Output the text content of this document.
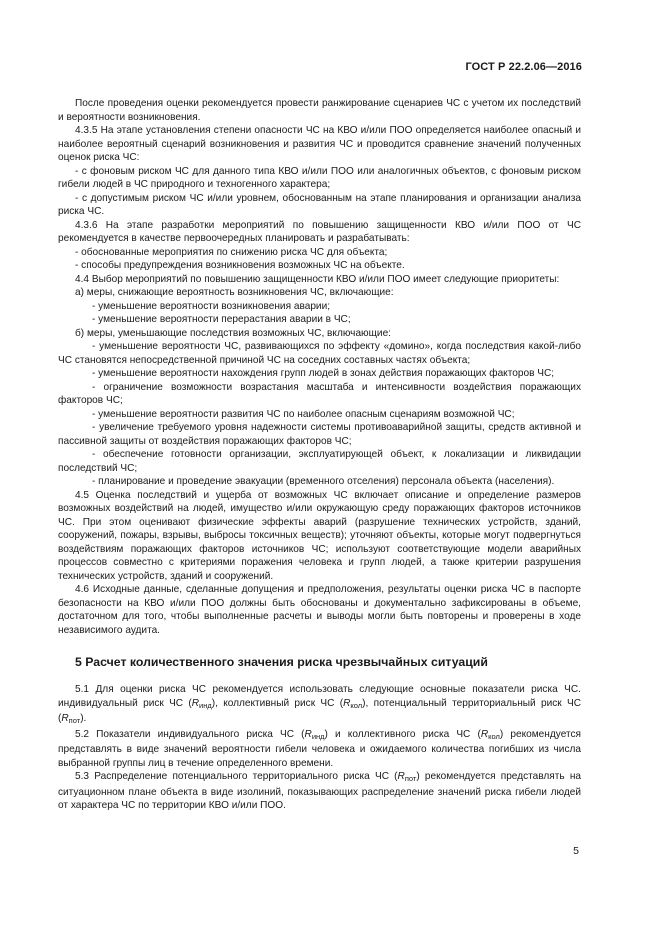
ГОСТ Р 22.2.06—2016

После проведения оценки рекомендуется провести ранжирование сценариев ЧС с учетом их последствий и вероятности возникновения.

4.3.5 На этапе установления степени опасности ЧС на КВО и/или ПОО определяется наиболее опасный и наиболее вероятный сценарий возникновения и развития ЧС и проводится сравнение значений полученных оценок риска ЧС:

- с фоновым риском ЧС для данного типа КВО и/или ПОО или аналогичных объектов, с фоновым риском гибели людей в ЧС природного и техногенного характера;

- с допустимым риском ЧС и/или уровнем, обоснованным на этапе планирования и организации анализа риска ЧС.

4.3.6 На этапе разработки мероприятий по повышению защищенности КВО и/или ПОО от ЧС рекомендуется в качестве первоочередных планировать и разрабатывать:

- обоснованные мероприятия по снижению риска ЧС для объекта;

- способы предупреждения возникновения возможных ЧС на объекте.

4.4 Выбор мероприятий по повышению защищенности КВО и/или ПОО имеет следующие приоритеты:

а) меры, снижающие вероятность возникновения ЧС, включающие:

- уменьшение вероятности возникновения аварии;

- уменьшение вероятности перерастания аварии в ЧС;

б) меры, уменьшающие последствия возможных ЧС, включающие:

- уменьшение вероятности ЧС, развивающихся по эффекту «домино», когда последствия какой-либо ЧС становятся непосредственной причиной ЧС на соседних составных частях объекта;

- уменьшение вероятности нахождения групп людей в зонах действия поражающих факторов ЧС;

- ограничение возможности возрастания масштаба и интенсивности воздействия поражающих факторов ЧС;

- уменьшение вероятности развития ЧС по наиболее опасным сценариям возможной ЧС;

- увеличение требуемого уровня надежности системы противоаварийной защиты, средств активной и пассивной защиты от воздействия поражающих факторов ЧС;

- обеспечение готовности организации, эксплуатирующей объект, к локализации и ликвидации последствий ЧС;

- планирование и проведение эвакуации (временного отселения) персонала объекта (населения).

4.5 Оценка последствий и ущерба от возможных ЧС включает описание и определение размеров возможных воздействий на людей, имущество и/или окружающую среду поражающих факторов источников ЧС. При этом оценивают физические эффекты аварий (разрушение технических устройств, зданий, сооружений, пожары, взрывы, выбросы токсичных веществ); уточняют объекты, которые могут подвергнуться воздействиям поражающих факторов источников ЧС; используют соответствующие модели аварийных процессов совместно с критериями поражения человека и групп людей, а также критерии разрушения технических устройств, зданий и сооружений.

4.6 Исходные данные, сделанные допущения и предположения, результаты оценки риска ЧС в паспорте безопасности на КВО и/или ПОО должны быть обоснованы и документально зафиксированы в объеме, достаточном для того, чтобы выполненные расчеты и выводы могли быть повторены и проверены в ходе независимого аудита.

5 Расчет количественного значения риска чрезвычайных ситуаций

5.1 Для оценки риска ЧС рекомендуется использовать следующие основные показатели риска ЧС. индивидуальный риск ЧС $(R_{инд})$, коллективный риск ЧС $(R_{кол})$, потенциальный территориальный риск ЧС $(R_{пот})$.

5.2 Показатели индивидуального риска ЧС $(R_{инд})$ и коллективного риска ЧС $(R_{кол})$ рекомендуется представлять в виде значений вероятности гибели человека и ожидаемого количества погибших из числа выбранной группы лиц в течение определенного времени.

5.3 Распределение потенциального территориального риска ЧС $(R_{пот})$ рекомендуется представлять на ситуационном плане объекта в виде изолиний, показывающих распределение значений риска гибели людей от характера ЧС по территории КВО и/или ПОО.

5
